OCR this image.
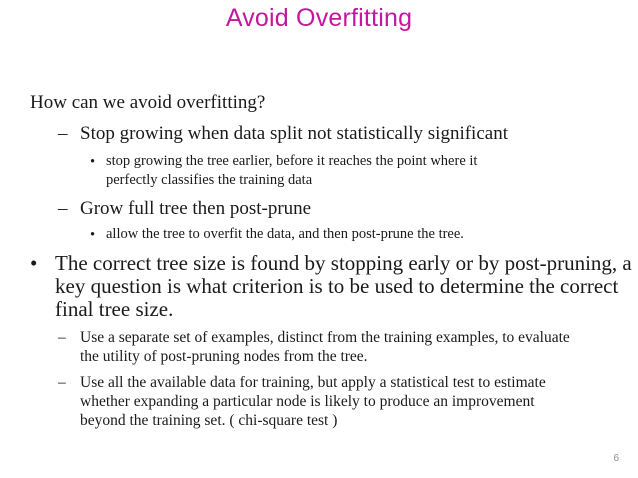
Avoid Overfitting
How can we avoid overfitting?
– Stop growing when data split not statistically significant
• stop growing the tree earlier, before it reaches the point where it
perfectly classifies the training data
– Grow full tree then post-prune
• allow the tree to overfit the data, and then post-prune the tree.
• The correct tree size is found by stopping early or by post-pruning, a
key question is what criterion is to be used to determine the correct
final tree size.
– Use a separate set of examples, distinct from the training examples, to evaluate
the utility of post-pruning nodes from the tree.
– Use all the available data for training, but apply a statistical test to estimate
whether expanding a particular node is likely to produce an improvement
beyond the training set. ( chi-square test )
6
